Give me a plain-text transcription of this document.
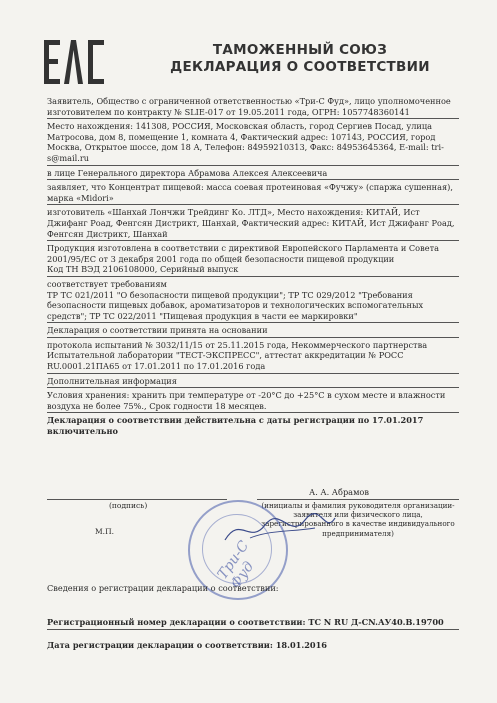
ТАМОЖЕННЫЙ СОЮЗ
ДЕКЛАРАЦИЯ О СООТВЕТСТВИИ
Заявитель, Общество с ограниченной ответственностью «Три-С Фуд», лицо уполномоченное изготовителем по контракту № SLIE-017 от 19.05.2011 года, ОГРН: 1057748360141
Место нахождения: 141308, РОССИЯ, Московская область, город Сергиев Посад, улица Матросова, дом 8, помещение 1, комната 4, Фактический адрес: 107143, РОССИЯ, город Москва, Открытое шоссе, дом 18 А, Телефон: 84959210313, Факс: 84953645364, E-mail: tri-s@mail.ru
в лице Генерального директора Абрамова Алексея Алексеевича
заявляет, что Концентрат пищевой: масса соевая протеиновая «Фучжу» (спаржа сушенная), марка «Midori»
изготовитель «Шанхай Лончжи Трейдинг Ко. ЛТД», Место нахождения: КИТАЙ, Ист Джифанг Роад, Фенгсян Дистрикт, Шанхай, Фактический адрес: КИТАЙ, Ист Джифанг Роад, Фенгсян Дистрикт, Шанхай
Продукция изготовлена в соответствии с директивой Европейского Парламента и Совета 2001/95/ЕС от 3 декабря 2001 года по общей безопасности пищевой продукции
Код ТН ВЭД 2106108000, Серийный выпуск
соответствует требованиям
ТР ТС 021/2011 "О безопасности пищевой продукции"; ТР ТС 029/2012 "Требования безопасности пищевых добавок, ароматизаторов и технологических вспомогательных средств"; ТР ТС 022/2011 "Пищевая продукция в части ее маркировки"
Декларация о соответствии принята на основании
протокола испытаний № 3032/11/15 от 25.11.2015 года, Некоммерческого партнерства Испытательной лаборатории "ТЕСТ-ЭКСПРЕСС", аттестат аккредитации № РОСС RU.0001.21ПА65 от 17.01.2011 по 17.01.2016 года
Дополнительная информация
Условия хранения: хранить при температуре от -20°С до +25°С в сухом месте и влажности воздуха не более 75%., Срок годности 18 месяцев.
Декларация о соответствии действительна с даты регистрации по 17.01.2017 включительно
(подпись)
М.П.
А. А. Абрамов
(инициалы и фамилия руководителя организации-заявителя или физического лица, зарегистрированного в качестве индивидуального предпринимателя)
Три-С Фуд
Сведения о регистрации декларации о соответствии:
Регистрационный номер декларации о соответствии: ТС N RU Д-CN.АУ40.В.19700
Дата регистрации декларации о соответствии: 18.01.2016
